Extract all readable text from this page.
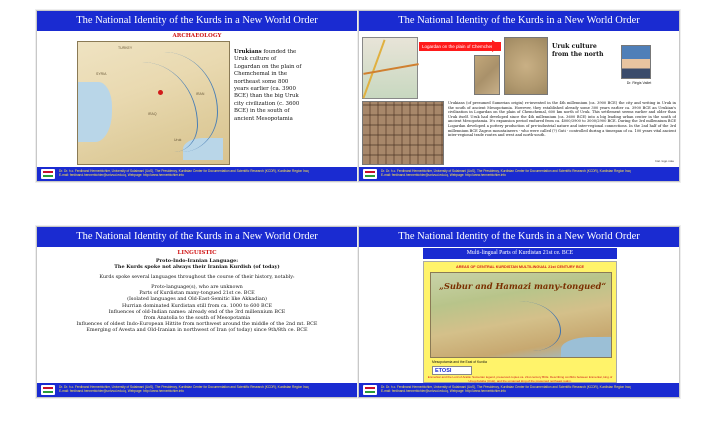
The National Identity of the Kurds in a New World Order
ARCHAEOLOGY
TURKEY
SYRIA
IRAN
IRAQ
Uruk
Urukians founded the Uruk culture of Logardan on the plain of Chemchemal in the northeast some 800 years earlier (ca. 3900 BCE) than the big Uruk city civilization (c. 3600 BCE) in the south of ancient Mesopotamia
Dr. Dr. h.c. Ferdinand Hennerbichler, University of Sulaimani (UoS), The Presidency, Kurdistan Center for Documentation and Scientific Research (KCDR), Kurdistan Region Iraq
E-mail: ferdinand.hennerbichler@univsul.edu.iq, Webpage: http://www.hennerbichler.info
The National Identity of the Kurds in a New World Order
Logardan on the plain of Chemchemal	Uruk culture from the north
Dr. Régis Vallet
Urukians (of presumed Sumerian origin) re-invented in the 4th millennium (ca. 3900 BCE) the city and writing in Uruk in the south of ancient Mesopotamia. However, they established already some 300 years earlier ca. 3900 BCE an Urukian's civilization in Logardan on the plain of Chemchemal, 600 km north of Uruk. This settlement seems earlier and older than Uruk itself. Uruk had developed since the 4th millennium (ca. 3600 BCE) into a big leading urban center in the south of ancient Mesopotamia. It's expansion period endured from ca. 4000/3900 to 3000/2900 BCE. During the 3rd millennium BCE Logardan developed a pottery production of pre-industrial nature and inter-regional connections. In the 2nd half of the 3rd millennium BCE Zagros mountaineers - who were called (?) Guti - controlled during a timespan of ca. 100 years vital ancient inter-regional trade routes and west and north-south.
Inst. logo note
Dr. Dr. h.c. Ferdinand Hennerbichler, University of Sulaimani (UoS), The Presidency, Kurdistan Center for Documentation and Scientific Research (KCDR), Kurdistan Region Iraq
E-mail: ferdinand.hennerbichler@univsul.edu.iq, Webpage: http://www.hennerbichler.info
The National Identity of the Kurds in a New World Order

LINGUISTIC

Proto-Indo-Iranian Language:

The Kurds spoke not always their Iranian Kurdish (of today)

Kurds spoke several languages throughout the course of their history, notably:

Proto-language(s), who are unknown

Parts of Kurdistan many-tongued 21st ce. BCE

(Isolated languages and Old-East-Semitic like Akkadian)

Hurrian dominated Kurdistan still from ca. 1000 to 600 BCE

Influences of old-Indian names: already end of the 3rd millennium BCE

from Anatolia to the south of Mesopotamia

Influences of oldest Indo-European Hittite from northwest around the middle of the 2nd mt. BCE

Emerging of Avesta and Old-Iranian in northwest of Iran (of today) since 9th/8th ce. BCE

Dr. Dr. h.c. Ferdinand Hennerbichler, University of Sulaimani (UoS), The Presidency, Kurdistan Center for Documentation and Scientific Research (KCDR), Kurdistan Region Iraq
E-mail: ferdinand.hennerbichler@univsul.edu.iq, Webpage: http://www.hennerbichler.info
The National Identity of the Kurds in a New World Order
Multi-lingual Parts of Kurdistan 21st ce. BCE
AREAS OF CENTRAL KURDISTAN MULTILINGUAL 21st CENTURY BCE
„Subur and Hamazi many-tongued“
Mesopotamia and the East of Kurdia
ETOSI
Enmerkar and the Lord of Aratta: Sumerian legend, preserved copies ca. 21st century BCE. Describing conflicts between Enmerkar, king of Unug-Kulaba (Uruk), and the unnamed king of the presumed northeast realm.
Dr. Dr. h.c. Ferdinand Hennerbichler, University of Sulaimani (UoS), The Presidency, Kurdistan Center for Documentation and Scientific Research (KCDR), Kurdistan Region Iraq
E-mail: ferdinand.hennerbichler@univsul.edu.iq, Webpage: http://www.hennerbichler.info
